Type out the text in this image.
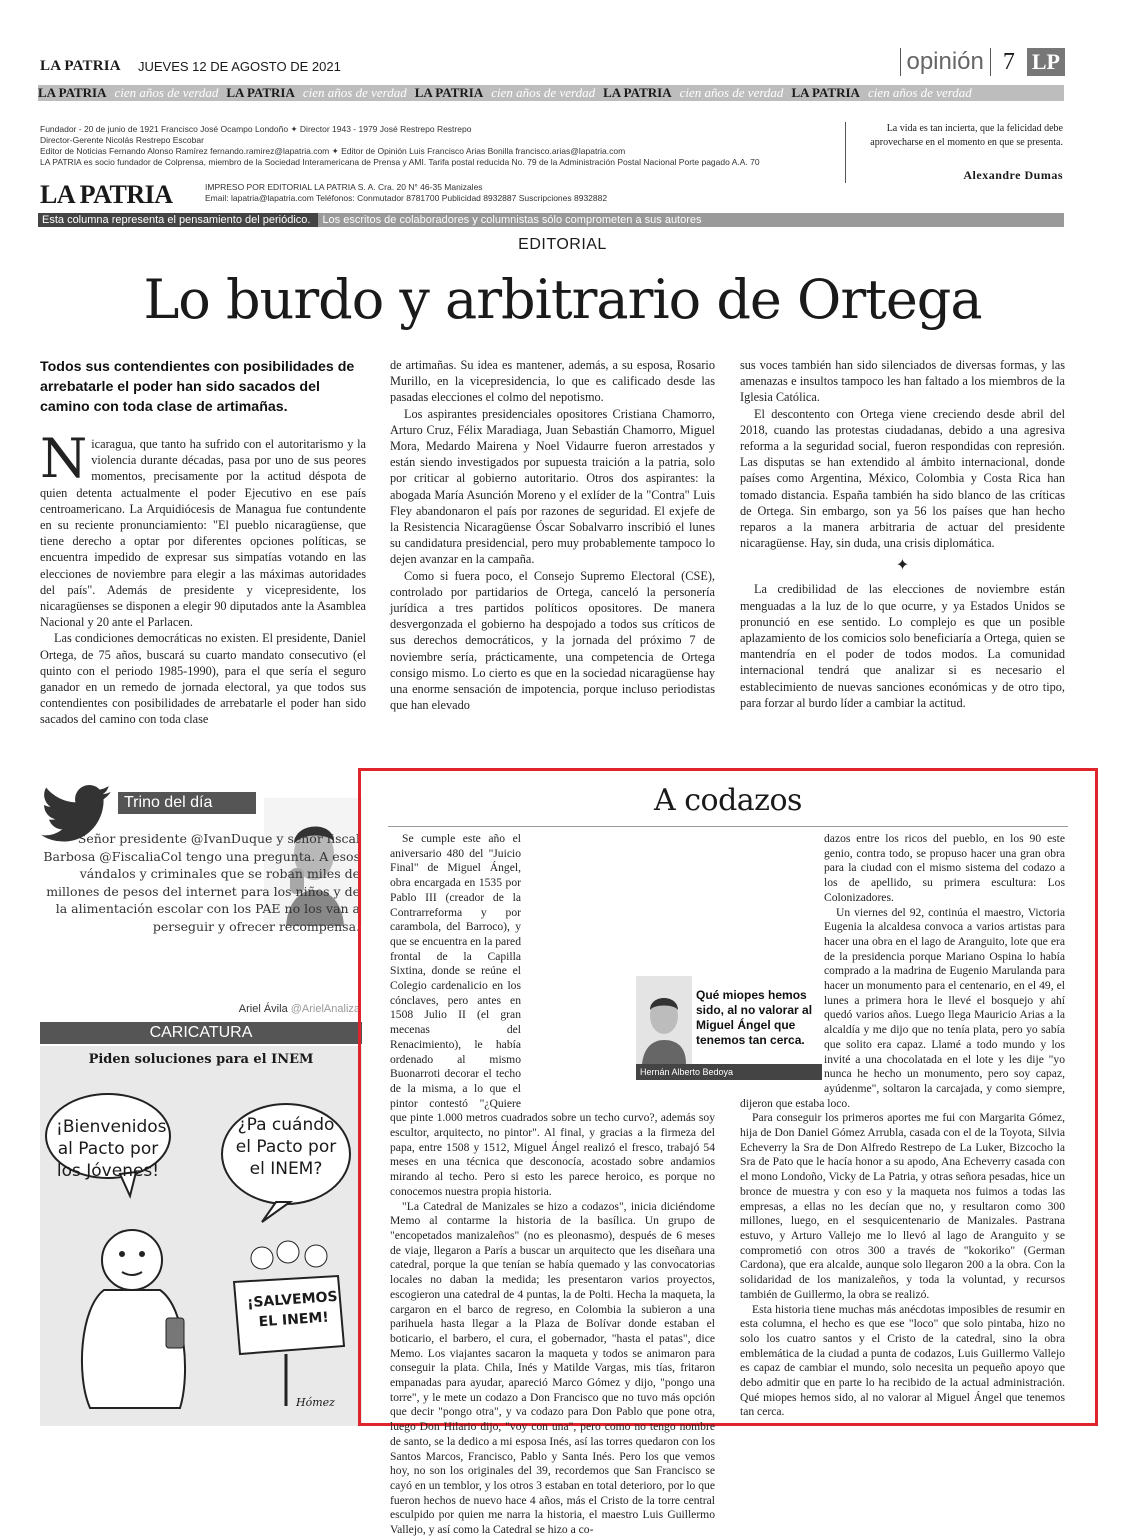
LA PATRIA JUEVES 12 DE AGOSTO DE 2021	opinión 7 LP
LA PATRIA cien años de verdad LA PATRIA cien años de verdad LA PATRIA cien años de verdad LA PATRIA cien años de verdad LA PATRIA cien años de verdad

Fundador - 20 de junio de 1921 Francisco José Ocampo Londoño ✦ Director 1943 - 1979 José Restrepo Restrepo

Director-Gerente Nicolás Restrepo Escobar

Editor de Noticias Fernando Alonso Ramírez fernando.ramirez@lapatria.com ✦ Editor de Opinión Luis Francisco Arias Bonilla francisco.arias@lapatria.com

LA PATRIA es socio fundador de Colprensa, miembro de la Sociedad Interamericana de Prensa y AMI. Tarifa postal reducida No. 79 de la Administración Postal Nacional Porte pagado A.A. 70

La vida es tan incierta, que la felicidad debe aprovecharse en el momento en que se presenta.
Alexandre Dumas
LA PATRIA	IMPRESO POR EDITORIAL LA PATRIA S. A. Cra. 20 N° 46-35 Manizales
Email: lapatria@lapatria.com Teléfonos: Conmutador 8781700 Publicidad 8932887 Suscripciones 8932882
Esta columna representa el pensamiento del periódico.	Los escritos de colaboradores y columnistas sólo comprometen a sus autores
EDITORIAL
Lo burdo y arbitrario de Ortega
Todos sus contendientes con posibilidades de arrebatarle el poder han sido sacados del camino con toda clase de artimañas.

Nicaragua, que tanto ha sufrido con el autoritarismo y la violencia durante décadas, pasa por uno de sus peores momentos, precisamente por la actitud déspota de quien detenta actualmente el poder Ejecutivo en ese país centroamericano. La Arquidiócesis de Managua fue contundente en su reciente pronunciamiento: "El pueblo nicaragüense, que tiene derecho a optar por diferentes opciones políticas, se encuentra impedido de expresar sus simpatías votando en las elecciones de noviembre para elegir a las máximas autoridades del país". Además de presidente y vicepresidente, los nicaragüenses se disponen a elegir 90 diputados ante la Asamblea Nacional y 20 ante el Parlacen.

Las condiciones democráticas no existen. El presidente, Daniel Ortega, de 75 años, buscará su cuarto mandato consecutivo (el quinto con el periodo 1985-1990), para el que sería el seguro ganador en un remedo de jornada electoral, ya que todos sus contendientes con posibilidades de arrebatarle el poder han sido sacados del camino con toda clase

de artimañas. Su idea es mantener, además, a su esposa, Rosario Murillo, en la vicepresidencia, lo que es calificado desde las pasadas elecciones el colmo del nepotismo.

Los aspirantes presidenciales opositores Cristiana Chamorro, Arturo Cruz, Félix Maradiaga, Juan Sebastián Chamorro, Miguel Mora, Medardo Mairena y Noel Vidaurre fueron arrestados y están siendo investigados por supuesta traición a la patria, solo por criticar al gobierno autoritario. Otros dos aspirantes: la abogada María Asunción Moreno y el exlíder de la "Contra" Luis Fley abandonaron el país por razones de seguridad. El exjefe de la Resistencia Nicaragüense Óscar Sobalvarro inscribió el lunes su candidatura presidencial, pero muy probablemente tampoco lo dejen avanzar en la campaña.

Como si fuera poco, el Consejo Supremo Electoral (CSE), controlado por partidarios de Ortega, canceló la personería jurídica a tres partidos políticos opositores. De manera desvergonzada el gobierno ha despojado a todos sus críticos de sus derechos democráticos, y la jornada del próximo 7 de noviembre sería, prácticamente, una competencia de Ortega consigo mismo. Lo cierto es que en la sociedad nicaragüense hay una enorme sensación de impotencia, porque incluso periodistas que han elevado

sus voces también han sido silenciados de diversas formas, y las amenazas e insultos tampoco les han faltado a los miembros de la Iglesia Católica.

El descontento con Ortega viene creciendo desde abril del 2018, cuando las protestas ciudadanas, debido a una agresiva reforma a la seguridad social, fueron respondidas con represión. Las disputas se han extendido al ámbito internacional, donde países como Argentina, México, Colombia y Costa Rica han tomado distancia. España también ha sido blanco de las críticas de Ortega. Sin embargo, son ya 56 los países que han hecho reparos a la manera arbitraria de actuar del presidente nicaragüense. Hay, sin duda, una crisis diplomática.

✦

La credibilidad de las elecciones de noviembre están menguadas a la luz de lo que ocurre, y ya Estados Unidos se pronunció en ese sentido. Lo complejo es que un posible aplazamiento de los comicios solo beneficiaría a Ortega, quien se mantendría en el poder de todos modos. La comunidad internacional tendrá que analizar si es necesario el establecimiento de nuevas sanciones económicas y de otro tipo, para forzar al burdo líder a cambiar la actitud.

Trino del día
Señor presidente @IvanDuque y señor fiscal Barbosa @FiscaliaCol tengo una pregunta. A esos vándalos y criminales que se roban miles de millones de pesos del internet para los niños y de la alimentación escolar con los PAE no los van a perseguir y ofrecer recompensa.
Ariel Ávila @ArielAnaliza
CARICATURA
Piden soluciones para el INEM
¡Bienvenidos al Pacto por los Jóvenes!
¿Pa cuándo el Pacto por el INEM?
¡SALVEMOS EL INEM!
Hómez
A codazos

Se cumple este año el aniversario 480 del "Juicio Final" de Miguel Ángel, obra encargada en 1535 por Pablo III (creador de la Contrarreforma y por carambola, del Barroco), y que se encuentra en la pared frontal de la Capilla Sixtina, donde se reúne el Colegio cardenalicio en los cónclaves, pero antes en 1508 Julio II (el gran mecenas del Renacimiento), le había ordenado al mismo Buonarroti decorar el techo de la misma, a lo que el pintor contestó "¿Quiere que pinte 1.000 metros cuadrados sobre un techo curvo?, además soy escultor, arquitecto, no pintor". Al final, y gracias a la firmeza del papa, entre 1508 y 1512, Miguel Ángel realizó el fresco, trabajó 54 meses en una técnica que desconocía, acostado sobre andamios mirando al techo. Pero si esto les parece heroico, es porque no conocemos nuestra propia historia.

"La Catedral de Manizales se hizo a codazos", inicia diciéndome Memo al contarme la historia de la basílica. Un grupo de "encopetados manizaleños" (no es pleonasmo), después de 6 meses de viaje, llegaron a París a buscar un arquitecto que les diseñara una catedral, porque la que tenían se había quemado y las convocatorias locales no daban la medida; les presentaron varios proyectos, escogieron una catedral de 4 puntas, la de Polti. Hecha la maqueta, la cargaron en el barco de regreso, en Colombia la subieron a una parihuela hasta llegar a la Plaza de Bolívar donde estaban el boticario, el barbero, el cura, el gobernador, "hasta el patas", dice Memo. Los viajantes sacaron la maqueta y todos se animaron para conseguir la plata. Chila, Inés y Matilde Vargas, mis tías, fritaron empanadas para ayudar, apareció Marco Gómez y dijo, "pongo una torre", y le mete un codazo a Don Francisco que no tuvo más opción que decir "pongo otra", y va codazo para Don Pablo que pone otra, luego Don Hilario dijo, "voy con una", pero como no tengo nombre de santo, se la dedico a mi esposa Inés, así las torres quedaron con los Santos Marcos, Francisco, Pablo y Santa Inés. Pero los que vemos hoy, no son los originales del 39, recordemos que San Francisco se cayó en un temblor, y los otros 3 estaban en total deterioro, por lo que fueron hechos de nuevo hace 4 años, más el Cristo de la torre central esculpido por quien me narra la historia, el maestro Luis Guillermo Vallejo, y así como la Catedral se hizo a co-

dazos entre los ricos del pueblo, en los 90 este genio, contra todo, se propuso hacer una gran obra para la ciudad con el mismo sistema del codazo a los de apellido, su primera escultura: Los Colonizadores.

Un viernes del 92, continúa el maestro, Victoria Eugenia la alcaldesa convoca a varios artistas para hacer una obra en el lago de Aranguito, lote que era de la presidencia porque Mariano Ospina lo había comprado a la madrina de Eugenio Marulanda para hacer un monumento para el centenario, en el 49, el lunes a primera hora le llevé el bosquejo y ahí quedó varios años. Luego llega Mauricio Arias a la alcaldía y me dijo que no tenía plata, pero yo sabía que solito era capaz. Llamé a todo mundo y los invité a una chocolatada en el lote y les dije "yo nunca he hecho un monumento, pero soy capaz, ayúdenme", soltaron la carcajada, y como siempre, dijeron que estaba loco.

Para conseguir los primeros aportes me fui con Margarita Gómez, hija de Don Daniel Gómez Arrubla, casada con el de la Toyota, Silvia Echeverry la Sra de Don Alfredo Restrepo de La Luker, Bizcocho la Sra de Pato que le hacía honor a su apodo, Ana Echeverry casada con el mono Londoño, Vicky de La Patria, y otras señora pesadas, hice un bronce de muestra y con eso y la maqueta nos fuimos a todas las empresas, a ellas no les decían que no, y resultaron como 300 millones, luego, en el sesquicentenario de Manizales. Pastrana estuvo, y Arturo Vallejo me lo llevó al lago de Aranguito y se comprometió con otros 300 a través de "kokoriko" (German Cardona), que era alcalde, aunque solo llegaron 200 a la obra. Con la solidaridad de los manizaleños, y toda la voluntad, y recursos también de Guillermo, la obra se realizó.

Esta historia tiene muchas más anécdotas imposibles de resumir en esta columna, el hecho es que ese "loco" que solo pintaba, hizo no solo los cuatro santos y el Cristo de la catedral, sino la obra emblemática de la ciudad a punta de codazos, Luis Guillermo Vallejo es capaz de cambiar el mundo, solo necesita un pequeño apoyo que debo admitir que en parte lo ha recibido de la actual administración. Qué miopes hemos sido, al no valorar al Miguel Ángel que tenemos tan cerca.

Qué miopes hemos sido, al no valorar al Miguel Ángel que tenemos tan cerca.
Hernán Alberto Bedoya
